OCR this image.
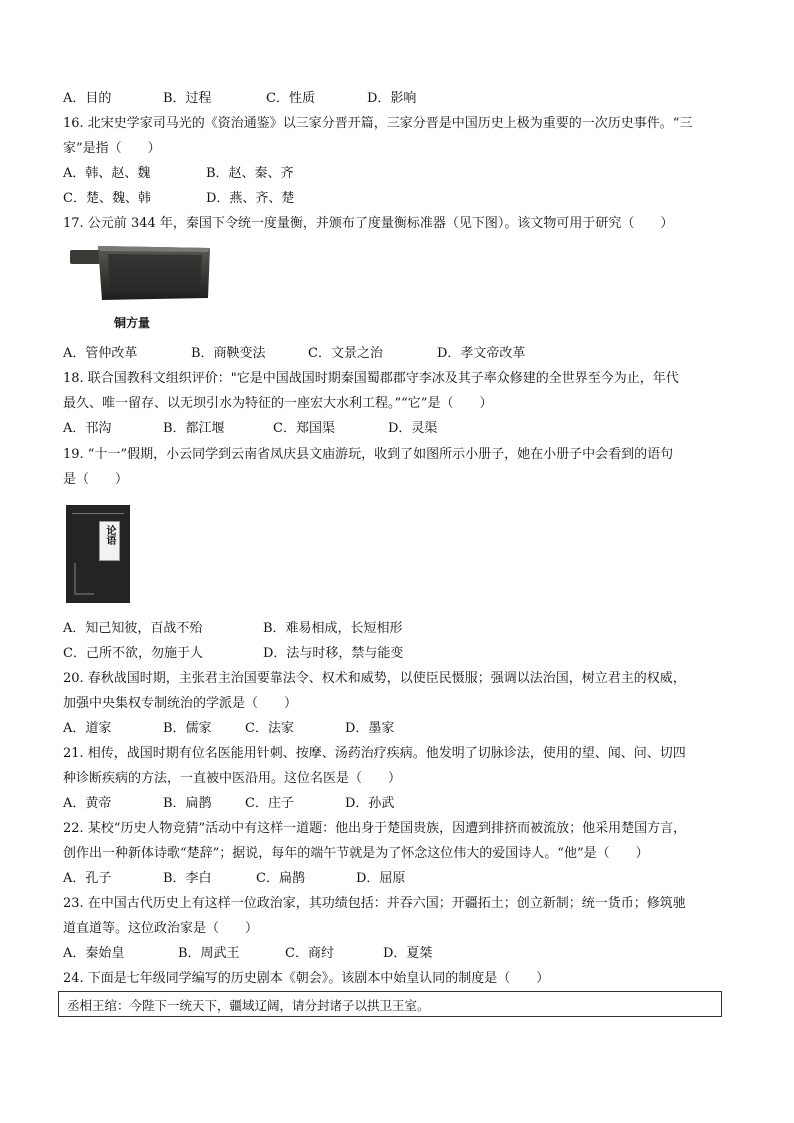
A．目的	B．过程	C．性质	D．影响
16. 北宋史学家司马光的《资治通鉴》以三家分晋开篇，三家分晋是中国历史上极为重要的一次历史事件。“三
家”是指（　　）
A．韩、赵、魏	B．赵、秦、齐
C．楚、魏、韩	D．燕、齐、楚
17. 公元前 344 年，秦国下令统一度量衡，并颁布了度量衡标准器（见下图）。该文物可用于研究（　　）
铜方量
A．管仲改革	B．商鞅变法	C．文景之治	D．孝文帝改革
18. 联合国教科文组织评价："它是中国战国时期秦国蜀郡郡守李冰及其子率众修建的全世界至今为止，年代
最久、唯一留存、以无坝引水为特征的一座宏大水利工程。”“它”是（　　）
A．邗沟	B．都江堰	C．郑国渠	D．灵渠
19. “十一”假期，小云同学到云南省凤庆县文庙游玩，收到了如图所示小册子，她在小册子中会看到的语句
是（　　）
论语
A．知己知彼，百战不殆	B．难易相成，长短相形
C．己所不欲，勿施于人	D．法与时移，禁与能变
20. 春秋战国时期，主张君主治国要靠法令、权术和威势，以使臣民慑服；强调以法治国，树立君主的权威，
加强中央集权专制统治的学派是（　　）
A．道家	B．儒家	C．法家	D．墨家
21. 相传，战国时期有位名医能用针刺、按摩、汤药治疗疾病。他发明了切脉诊法，使用的望、闻、问、切四
种诊断疾病的方法，一直被中医沿用。这位名医是（　　）
A．黄帝	B．扁鹊	C．庄子	D．孙武
22. 某校“历史人物竞猜”活动中有这样一道题：他出身于楚国贵族，因遭到排挤而被流放；他采用楚国方言，
创作出一种新体诗歌“楚辞”；据说，每年的端午节就是为了怀念这位伟大的爱国诗人。“他”是（　　）
A．孔子	B．李白	C．扁鹊	D．屈原
23. 在中国古代历史上有这样一位政治家，其功绩包括：并吞六国；开疆拓土；创立新制；统一货币；修筑驰
道直道等。这位政治家是（　　）
A．秦始皇	B．周武王	C．商纣	D．夏桀
24. 下面是七年级同学编写的历史剧本《朝会》。该剧本中始皇认同的制度是（　　）
丞相王绾：今陛下一统天下，疆域辽阔，请分封诸子以拱卫王室。
